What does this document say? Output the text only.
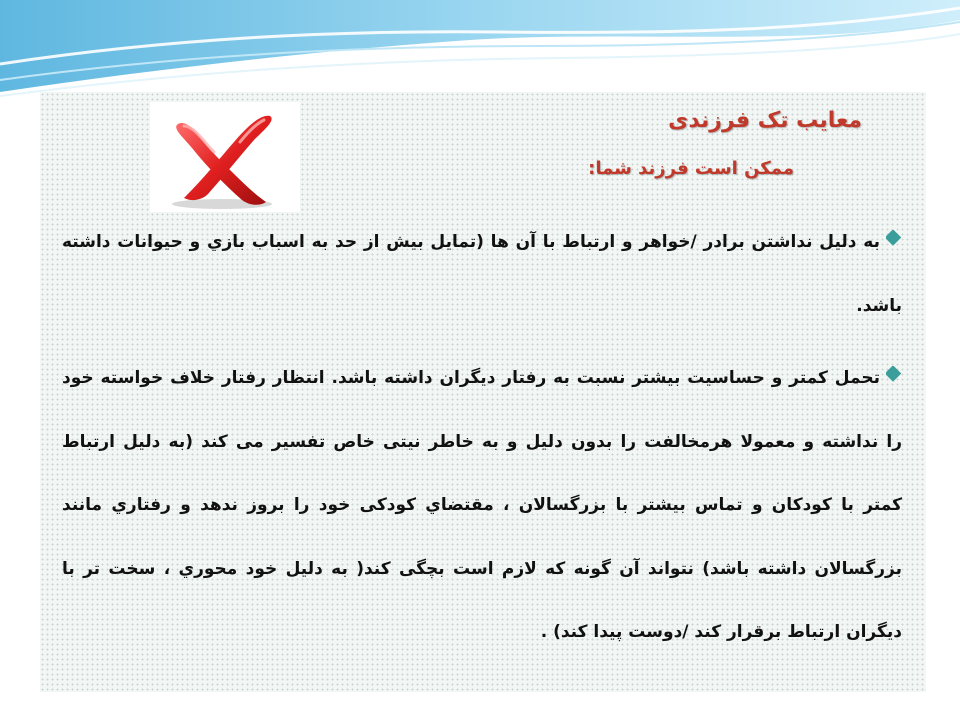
معایب تک فرزندی
ممکن است فرزند شما:
به دليل نداشتن برادر /خواهر و ارتباط با آن ها (تمايل بيش از حد به اسباب بازي و حيوانات داشته باشد.
تحمل کمتر و حساسيت بيشتر نسبت به رفتار ديگران داشته باشد. انتظار رفتار خلاف خواسته خود را نداشته و معمولا هرمخالفت را بدون دليل و به خاطر نيتی خاص تفسير می کند (به دليل ارتباط کمتر با کودکان و تماس بيشتر با بزرگسالان ، مقتضاي کودکی خود را بروز ندهد و رفتاري مانند بزرگسالان داشته باشد) نتواند آن گونه که لازم است بچگی کند( به دليل خود محوري ، سخت تر با ديگران ارتباط برقرار کند /دوست پيدا کند) .
